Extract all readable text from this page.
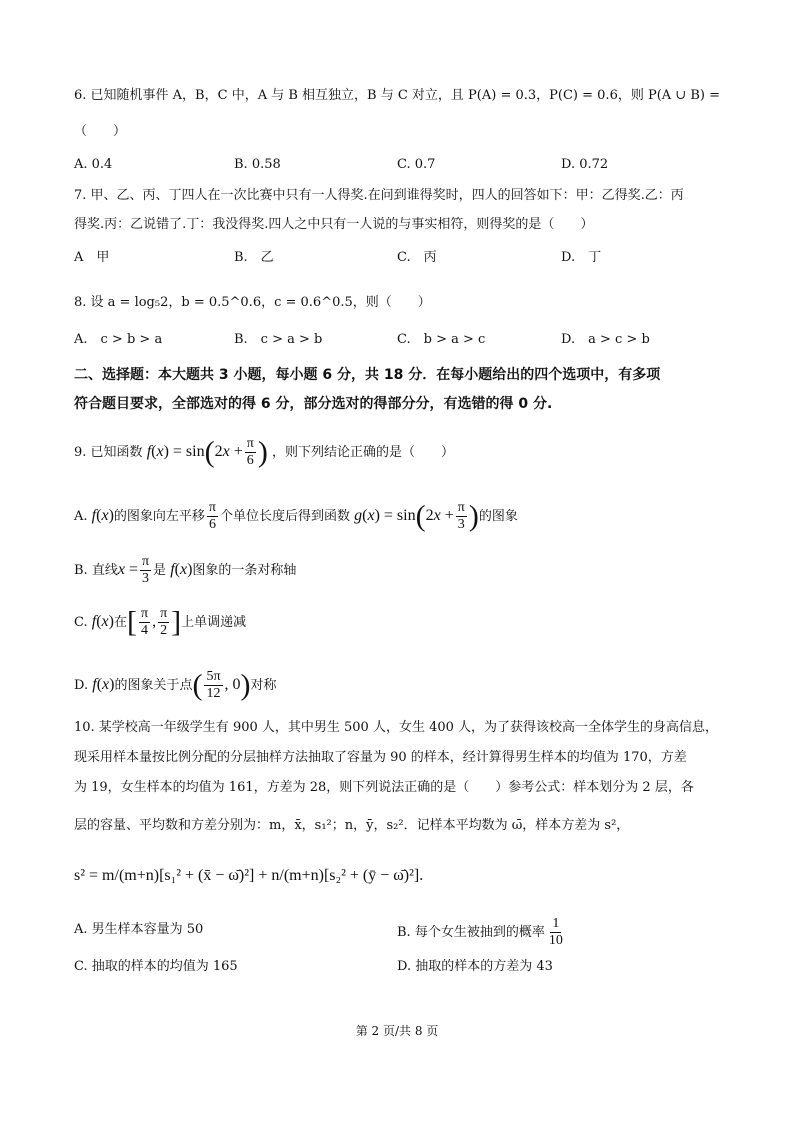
6. 已知随机事件 A，B，C 中，A 与 B 相互独立，B 与 C 对立，且 P(A) = 0.3，P(C) = 0.6，则 P(A ∪ B) =
（　　）
A. 0.4	B. 0.58	C. 0.7	D. 0.72
7. 甲、乙、丙、丁四人在一次比赛中只有一人得奖.在问到谁得奖时，四人的回答如下：甲：乙得奖.乙：丙
得奖.丙：乙说错了.丁：我没得奖.四人之中只有一人说的与事实相符，则得奖的是（　　）
A　甲	B.　乙	C.　丙	D.　丁
8. 设 a = log₅2，b = 0.5^0.6，c = 0.6^0.5，则（　　）
A.　c > b > a	B.　c > a > b	C.　b > a > c	D.　a > c > b
二、选择题：本大题共 3 小题，每小题 6 分，共 18 分．在每小题给出的四个选项中，有多项
符合题目要求，全部选对的得 6 分，部分选对的得部分分，有选错的得 0 分.
9. 已知函数 $f(x) = \sin(2x + \frac{\pi}{6}$ ) ，则下列结论正确的是（　　）
A. f(x)的图象向左平移 $\frac{\pi}{6}$ 个单位长度后得到函数 $g(x) = \sin(2x + \frac{\pi}{3}$ )的图象
B. 直线$x = \frac{\pi}{3}$ 是 f(x)图象的一条对称轴
C. f(x)在[ $\frac{\pi}{4}$ , $\frac{\pi}{2}$ ]上单调递减
D. f(x)的图象关于点( $\frac{5\pi}{12}$ , 0)对称
10. 某学校高一年级学生有 900 人，其中男生 500 人，女生 400 人，为了获得该校高一全体学生的身高信息，
现采用样本量按比例分配的分层抽样方法抽取了容量为 90 的样本，经计算得男生样本的均值为 170，方差
为 19，女生样本的均值为 161，方差为 28，则下列说法正确的是（　　）参考公式：样本划分为 2 层，各
层的容量、平均数和方差分别为：m，x̄，s₁²；n，ȳ，s₂²．记样本平均数为 ω̄，样本方差为 s²，
s² = m/(m+n)[s₁² + (x̄ − ω̄)²] + n/(m+n)[s₂² + (ȳ − ω̄)²].
A. 男生样本容量为 50	B. 每个女生被抽到的概率 $\frac{1}{10}$
C. 抽取的样本的均值为 165	D. 抽取的样本的方差为 43
第 2 页/共 8 页
